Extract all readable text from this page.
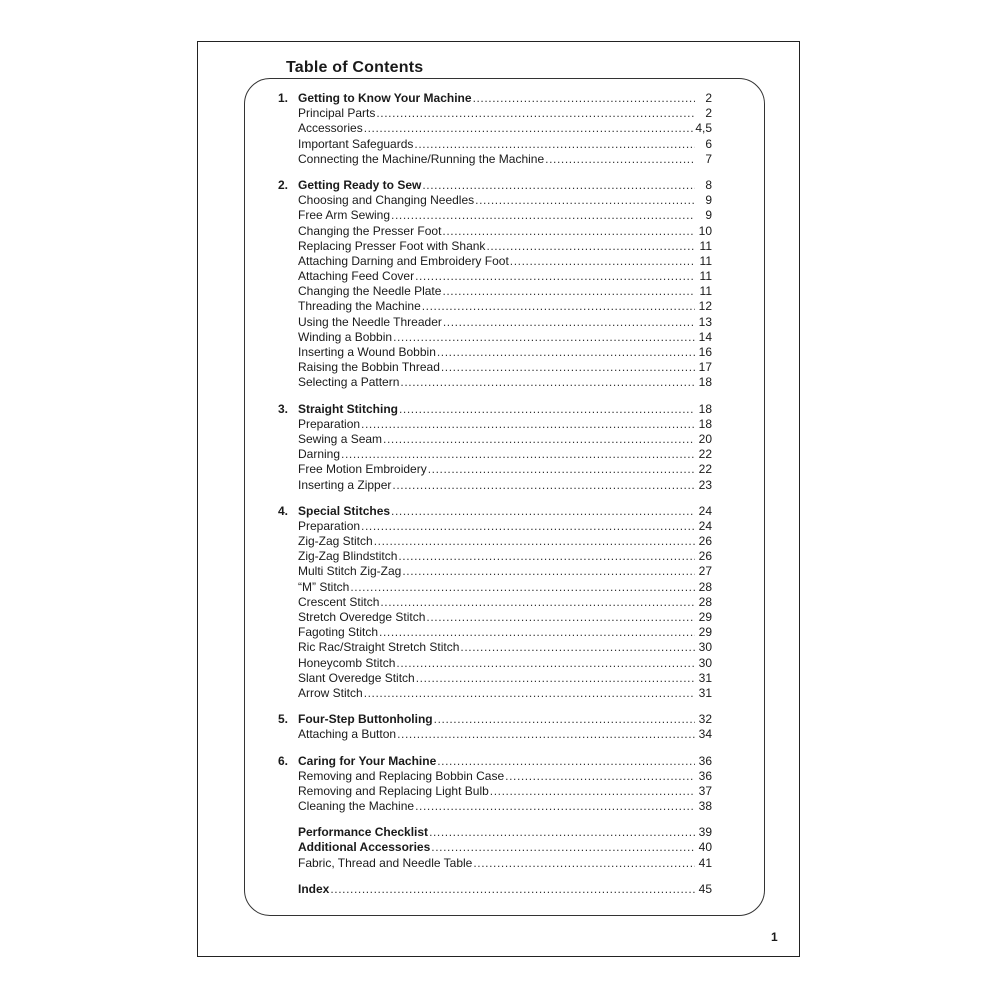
Table of Contents
1. Getting to Know Your Machine .....	2
Principal Parts .....	2
Accessories .....	4,5
Important Safeguards .....	6
Connecting the Machine/Running the Machine .....	7
2. Getting Ready to Sew .....	8
Choosing and Changing Needles .....	9
Free Arm Sewing .....	9
Changing the Presser Foot .....	10
Replacing Presser Foot with Shank .....	11
Attaching Darning and Embroidery Foot .....	11
Attaching Feed Cover .....	11
Changing the Needle Plate .....	11
Threading the Machine .....	12
Using the Needle Threader .....	13
Winding a Bobbin .....	14
Inserting a Wound Bobbin .....	16
Raising the Bobbin Thread .....	17
Selecting a Pattern .....	18
3. Straight Stitching .....	18
Preparation .....	18
Sewing a Seam .....	20
Darning .....	22
Free Motion Embroidery .....	22
Inserting a Zipper .....	23
4. Special Stitches .....	24
Preparation .....	24
Zig-Zag Stitch .....	26
Zig-Zag Blindstitch .....	26
Multi Stitch Zig-Zag .....	27
“M” Stitch .....	28
Crescent Stitch .....	28
Stretch Overedge Stitch .....	29
Fagoting Stitch .....	29
Ric Rac/Straight Stretch Stitch .....	30
Honeycomb Stitch .....	30
Slant Overedge Stitch .....	31
Arrow Stitch .....	31
5. Four-Step Buttonholing .....	32
Attaching a Button .....	34
6. Caring for Your Machine .....	36
Removing and Replacing Bobbin Case .....	36
Removing and Replacing Light Bulb .....	37
Cleaning the Machine .....	38
Performance Checklist .....	39
Additional Accessories .....	40
Fabric, Thread and Needle Table .....	41
Index .....	45
1
